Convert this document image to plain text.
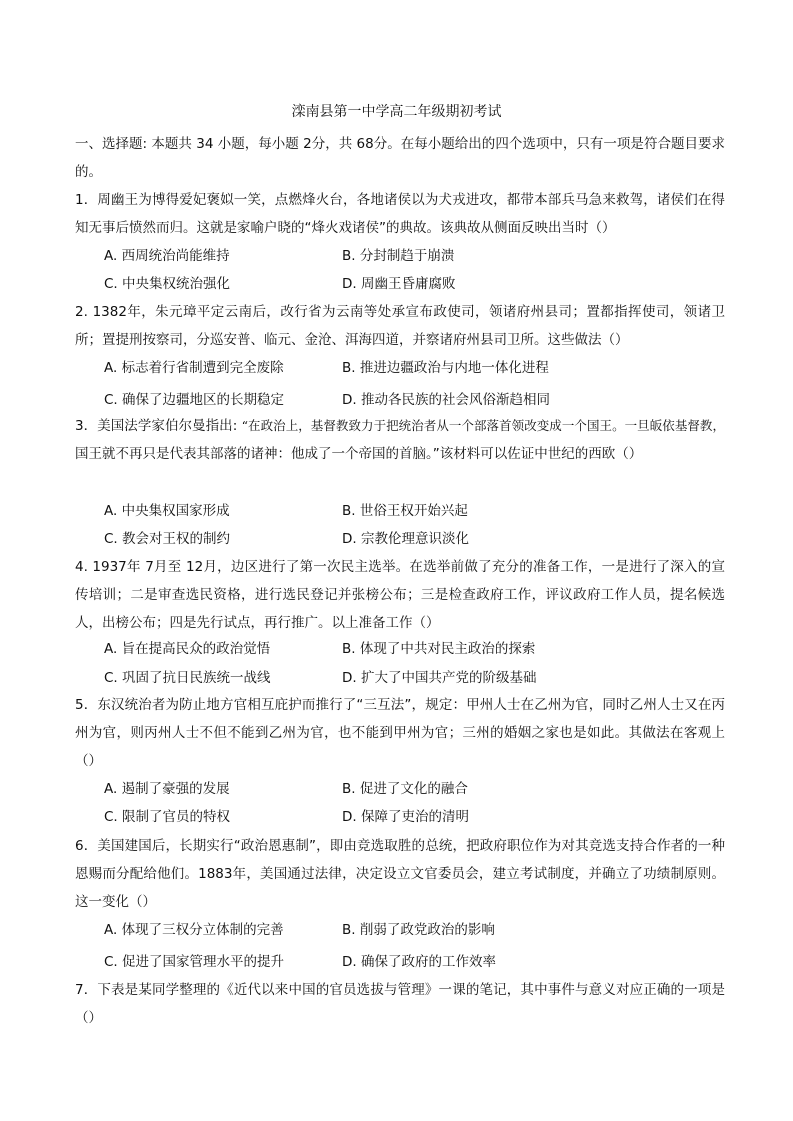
滦南县第一中学高二年级期初考试
一、选择题: 本题共 34 小题，每小题 2分，共 68分。在每小题给出的四个选项中，只有一项是符合题目要求的。
1．周幽王为博得爱妃褒姒一笑，点燃烽火台，各地诸侯以为犬戎进攻，都带本部兵马急来救驾，诸侯们在得知无事后愤然而归。这就是家喻户晓的“烽火戏诸侯”的典故。该典故从侧面反映出当时（）
A. 西周统治尚能维持	B. 分封制趋于崩溃
C. 中央集权统治强化	D. 周幽王昏庸腐败
2. 1382年，朱元璋平定云南后，改行省为云南等处承宣布政使司，领诸府州县司；置都指挥使司，领诸卫所；置提刑按察司，分巡安普、临元、金沧、洱海四道，并察诸府州县司卫所。这些做法（）
A. 标志着行省制遭到完全废除	B. 推进边疆政治与内地一体化进程
C. 确保了边疆地区的长期稳定	D. 推动各民族的社会风俗渐趋相同
3．美国法学家伯尔曼指出: “在政治上，基督教致力于把统治者从一个部落首领改变成一个国王。一旦皈依基督教，国王就不再只是代表其部落的诸神：他成了一个帝国的首脑。”该材料可以佐证中世纪的西欧（）
A. 中央集权国家形成	B. 世俗王权开始兴起
C. 教会对王权的制约	D. 宗教伦理意识淡化
4. 1937年 7月至 12月，边区进行了第一次民主选举。在选举前做了充分的准备工作，一是进行了深入的宣传培训；二是审查选民资格，进行选民登记并张榜公布；三是检查政府工作，评议政府工作人员，提名候选人，出榜公布；四是先行试点，再行推广。以上准备工作（）
A. 旨在提高民众的政治觉悟	B. 体现了中共对民主政治的探索
C. 巩固了抗日民族统一战线	D. 扩大了中国共产党的阶级基础
5．东汉统治者为防止地方官相互庇护而推行了“三互法”，规定：甲州人士在乙州为官，同时乙州人士又在丙州为官，则丙州人士不但不能到乙州为官，也不能到甲州为官；三州的婚姻之家也是如此。其做法在客观上（）
A. 遏制了豪强的发展	B. 促进了文化的融合
C. 限制了官员的特权	D. 保障了吏治的清明
6．美国建国后，长期实行“政治恩惠制”，即由竞选取胜的总统，把政府职位作为对其竞选支持合作者的一种恩赐而分配给他们。1883年，美国通过法律，决定设立文官委员会，建立考试制度，并确立了功绩制原则。这一变化（）
A. 体现了三权分立体制的完善	B. 削弱了政党政治的影响
C. 促进了国家管理水平的提升	D. 确保了政府的工作效率
7．下表是某同学整理的《近代以来中国的官员选拔与管理》一课的笔记，其中事件与意义对应正确的一项是（）
